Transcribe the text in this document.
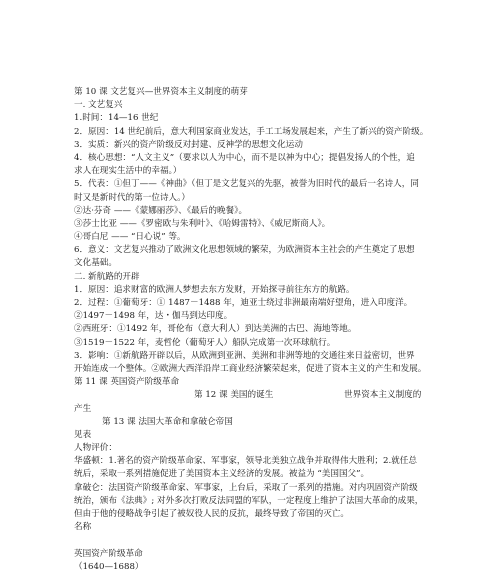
第 10 课 文艺复兴—世界资本主义制度的萌芽
一. 文艺复兴
1.时间：14—16 世纪
2．原因：14 世纪前后，意大利国家商业发达，手工工场发展起来，产生了新兴的资产阶级。
3．实质：新兴的资产阶级反对封建、反神学的思想文化运动
4．核心思想：“人文主义”（要求以人为中心，而不是以神为中心；提倡发扬人的个性，追
求人在现实生活中的幸福。）
5．代表：①但丁——《神曲》（但丁是文艺复兴的先驱，被誉为旧时代的最后一名诗人，同
时又是新时代的第一位诗人。）
②达·芬奇 ——《蒙娜丽莎》、《最后的晚餐》。
③莎士比亚 ——《罗密欧与朱利叶》、《哈姆雷特》、《威尼斯商人》。
④哥白尼 —— “日心说” 等。
6．意义：文艺复兴推动了欧洲文化思想领域的繁荣，为欧洲资本主社会的产生奠定了思想
文化基础。
二. 新航路的开辟
1．原因：追求财富的欧洲人梦想去东方发财，开始探寻前往东方的航路。
2．过程：①葡萄牙：① 1487－1488 年，迪亚士绕过非洲最南端好望角，进入印度洋。
②1497－1498 年，达・伽马到达印度。
②西班牙：①1492 年，哥伦布（意大利人）到达美洲的古巴、海地等地。
③1519－1522 年，麦哲伦（葡萄牙人）船队完成第一次环球航行。
3．影响：①新航路开辟以后，从欧洲到亚洲、美洲和非洲等地的交通往来日益密切，世界
开始连成一个整体。②欧洲大西洋沿岸工商业经济繁荣起来，促进了资本主义的产生和发展。
第 11 课 英国资产阶级革命
第 12 课 美国的诞生	世界资本主义制度的
产生
第 13 课 法国大革命和拿破仑帝国
见表
人物评价：
华盛顿：1.著名的资产阶级革命家、军事家，领导北美独立战争并取得伟大胜利；2.就任总
统后，采取一系列措施促进了美国资本主义经济的发展。被益为 “美国国父”。
拿破仑：法国资产阶级革命家、军事家，上台后，采取了一系列的措施。对内巩固资产阶级
统治，颁布《法典》; 对外多次打败反法同盟的军队，一定程度上维护了法国大革命的成果，
但由于他的侵略战争引起了被奴役人民的反抗，最终导致了帝国的灭亡。
名称
英国资产阶级革命
（1640—1688）
